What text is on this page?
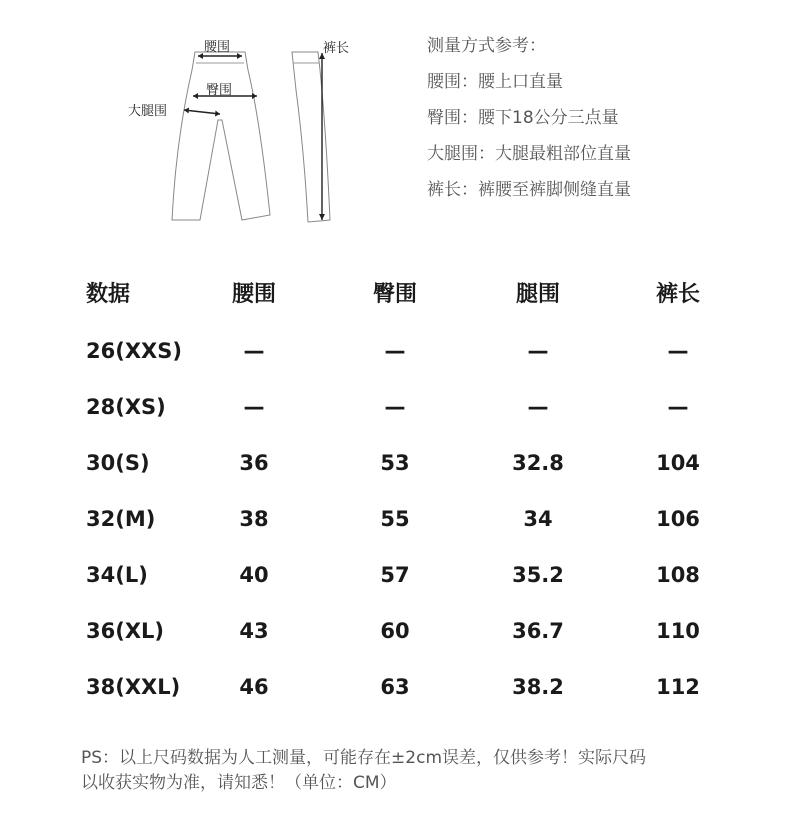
腰围
臀围
大腿围
裤长	测量方式参考：
腰围：腰上口直量
臀围：腰下18公分三点量
大腿围：大腿最粗部位直量
裤长：裤腰至裤脚侧缝直量
数据	腰围	臀围	腿围	裤长
26(XXS)	—	—	—	—
28(XS)	—	—	—	—
30(S)	36	53	32.8	104
32(M)	38	55	34	106
34(L)	40	57	35.2	108
36(XL)	43	60	36.7	110
38(XXL)	46	63	38.2	112
PS：以上尺码数据为人工测量，可能存在±2cm误差，仅供参考！实际尺码
以收获实物为准，请知悉！（单位：CM）
